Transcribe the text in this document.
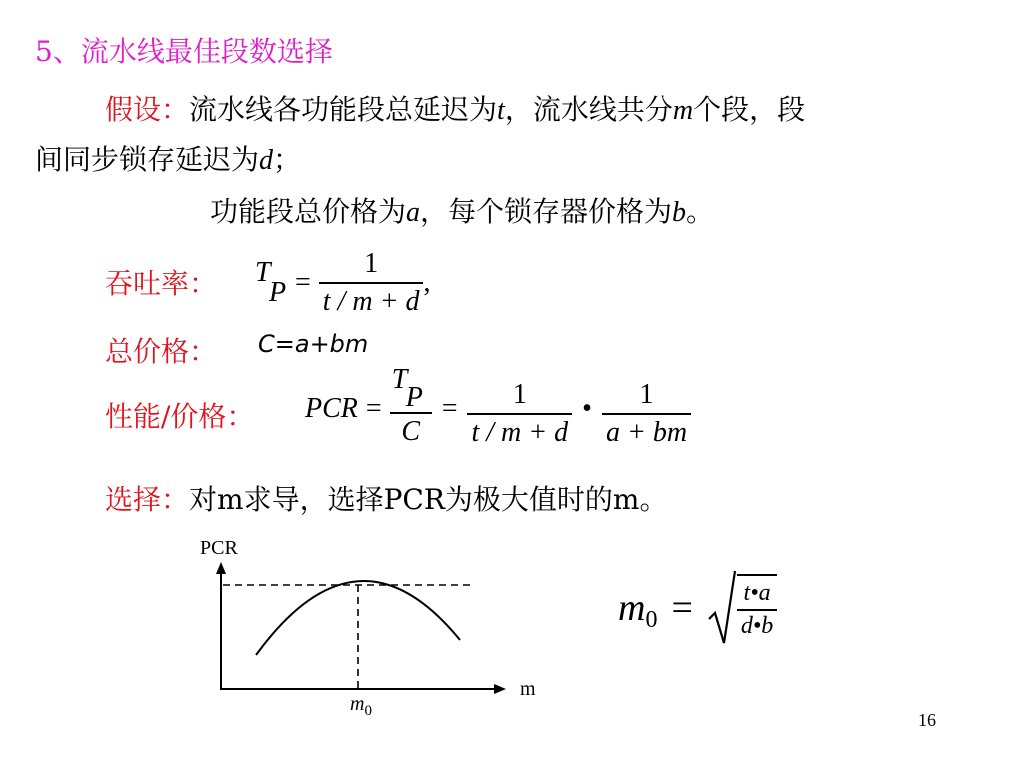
5、流水线最佳段数选择
假设：流水线各功能段总延迟为t，流水线共分m个段，段
间同步锁存延迟为d；
功能段总价格为a，每个锁存器价格为b。
吞吐率： T
$P = \frac{1}{t / m + d}$ ,
总价格： C=a+bm
性能/价格： PCR = T
P
$C = \frac{1}{t / m + d}$ • $\frac{1}{a + bm}$
选择：对m求导，选择PCR为极大值时的m。
PCR
m
$m_0$
m $0 = \frac{t•a}{d•b}$
16
